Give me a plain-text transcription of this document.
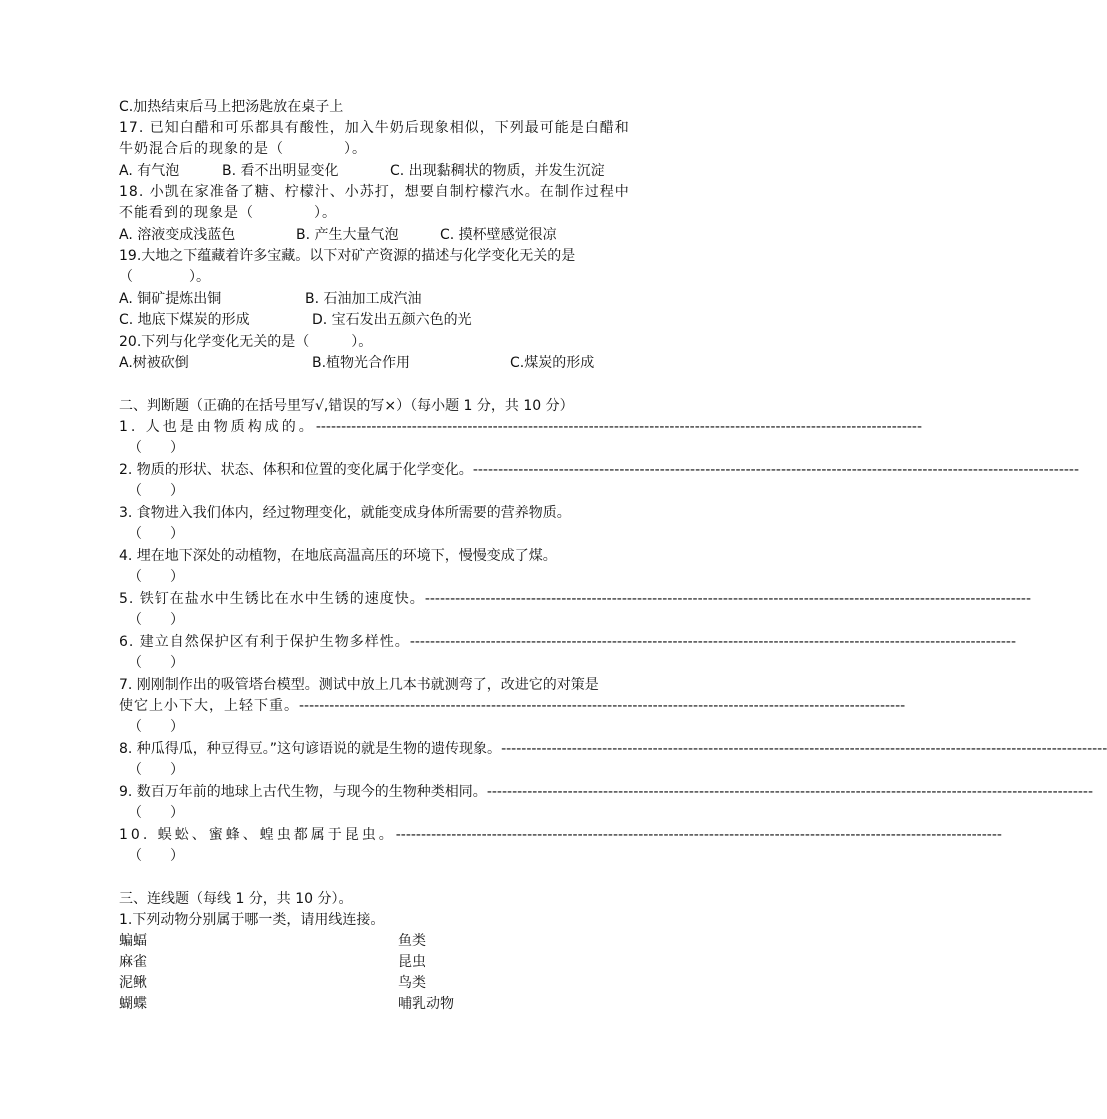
C.加热结束后马上把汤匙放在桌子上
17. 已知白醋和可乐都具有酸性，加入牛奶后现象相似，下列最可能是白醋和
牛奶混合后的现象的是（　　　　）。
A. 有气泡	B. 看不出明显变化	C. 出现黏稠状的物质，并发生沉淀
18. 小凯在家准备了糖、柠檬汁、小苏打，想要自制柠檬汽水。在制作过程中
不能看到的现象是（　　　　）。
A. 溶液变成浅蓝色	B. 产生大量气泡	C. 摸杯壁感觉很凉
19.大地之下蕴藏着许多宝藏。以下对矿产资源的描述与化学变化无关的是
（　　　　）。
A. 铜矿提炼出铜	B. 石油加工成汽油
C. 地底下煤炭的形成	D. 宝石发出五颜六色的光
20.下列与化学变化无关的是（　　　）。
A.树被砍倒	B.植物光合作用	C.煤炭的形成
二、判断题（正确的在括号里写√,错误的写×）（每小题 1 分，共 10 分）
1. 人也是由物质构成的。 ------------------------------------------------------------------------------------------------------------------------
（　　）
2. 物质的形状、状态、体积和位置的变化属于化学变化。 ------------------------------------------------------------------------------------------------------------------------
（　　）
3. 食物进入我们体内，经过物理变化，就能变成身体所需要的营养物质。
（　　）
4. 埋在地下深处的动植物，在地底高温高压的环境下，慢慢变成了煤。
（　　）
5. 铁钉在盐水中生锈比在水中生锈的速度快。 ------------------------------------------------------------------------------------------------------------------------
（　　）
6. 建立自然保护区有利于保护生物多样性。 ------------------------------------------------------------------------------------------------------------------------
（　　）
7. 刚刚制作出的吸管塔台模型。测试中放上几本书就测弯了，改进它的对策是
使它上小下大，上轻下重。 ------------------------------------------------------------------------------------------------------------------------
（　　）
8. 种瓜得瓜，种豆得豆。”这句谚语说的就是生物的遗传现象。 ------------------------------------------------------------------------------------------------------------------------
（　　）
9. 数百万年前的地球上古代生物，与现今的生物种类相同。 ------------------------------------------------------------------------------------------------------------------------
（　　）
10. 蜈蚣、蜜蜂、蝗虫都属于昆虫。 ------------------------------------------------------------------------------------------------------------------------
（　　）
三、连线题（每线 1 分，共 10 分）。
1.下列动物分别属于哪一类，请用线连接。
蝙蝠	鱼类
麻雀	昆虫
泥鳅	鸟类
蝴蝶	哺乳动物
